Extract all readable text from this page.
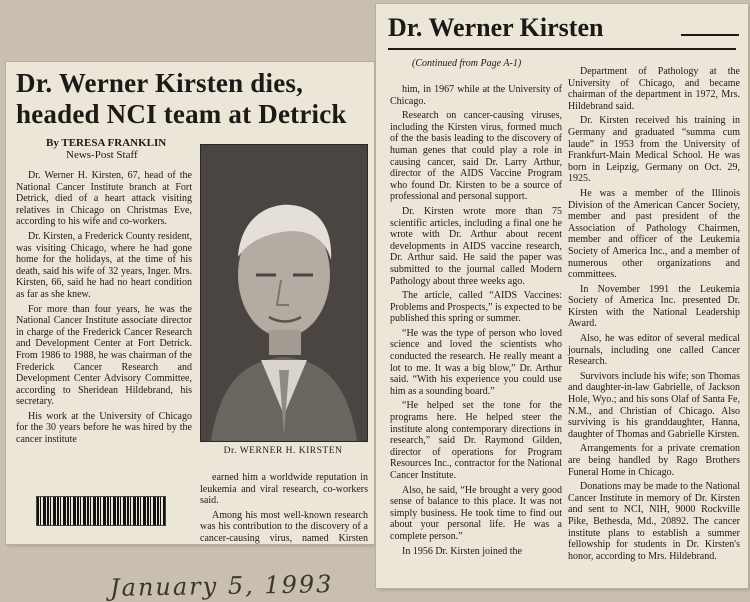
Dr. Werner Kirsten dies, headed NCI team at Detrick
By TERESA FRANKLIN
News-Post Staff

Dr. Werner H. Kirsten, 67, head of the National Cancer Institute branch at Fort Detrick, died of a heart attack visiting relatives in Chicago on Christmas Eve, according to his wife and co-workers.

Dr. Kirsten, a Frederick County resident, was visiting Chicago, where he had gone home for the holidays, at the time of his death, said his wife of 32 years, Inger. Mrs. Kirsten, 66, said he had no heart condition as far as she knew.

For more than four years, he was the National Cancer Institute associate director in charge of the Frederick Cancer Research and Development Center at Fort Detrick. From 1986 to 1988, he was chairman of the Frederick Cancer Research and Development Center Advisory Committee, according to Sheridean Hildebrand, his secretary.

His work at the University of Chicago for the 30 years before he was hired by the cancer institute

Dr. WERNER H. KIRSTEN

earned him a worldwide reputation in leukemia and viral research, co-workers said.

Among his most well-known research was his contribution to the discovery of a cancer-causing virus, named Kirsten

Dr. Werner Kirsten
(Continued from Page A-1)

him, in 1967 while at the University of Chicago.

Research on cancer-causing viruses, including the Kirsten virus, formed much of the the basis leading to the discovery of human genes that could play a role in causing cancer, said Dr. Larry Arthur, director of the AIDS Vaccine Program who found Dr. Kirsten to be a source of professional and personal support.

Dr. Kirsten wrote more than 75 scientific articles, including a final one he wrote with Dr. Arthur about recent developments in AIDS vaccine research, Dr. Arthur said. He said the paper was submitted to the journal called Modern Pathology about three weeks ago.

The article, called “AIDS Vaccines: Problems and Prospects,” is expected to be published this spring or summer.

“He was the type of person who loved science and loved the scientists who conducted the research. He really meant a lot to me. It was a big blow,” Dr. Arthur said. “With his experience you could use him as a sounding board.”

“He helped set the tone for the programs here. He helped steer the institute along contemporary directions in research,” said Dr. Raymond Gilden, director of operations for Program Resources Inc., contractor for the National Cancer Institute.

Also, he said, “He brought a very good sense of balance to this place. It was not simply business. He took time to find out about your personal life. He was a complete person.”

In 1956 Dr. Kirsten joined the

Department of Pathology at the University of Chicago, and became chairman of the department in 1972, Mrs. Hildebrand said.

Dr. Kirsten received his training in Germany and graduated “summa cum laude” in 1953 from the University of Frankfurt-Main Medical School. He was born in Leipzig, Germany on Oct. 29, 1925.

He was a member of the Illinois Division of the American Cancer Society, member and past president of the Association of Pathology Chairmen, member and officer of the Leukemia Society of America Inc., and a member of numerous other organizations and committees.

In November 1991 the Leukemia Society of America Inc. presented Dr. Kirsten with the National Leadership Award.

Also, he was editor of several medical journals, including one called Cancer Research.

Survivors include his wife; son Thomas and daughter-in-law Gabrielle, of Jackson Hole, Wyo.; and his sons Olaf of Santa Fe, N.M., and Christian of Chicago. Also surviving is his granddaughter, Hanna, daughter of Thomas and Gabrielle Kirsten.

Arrangements for a private cremation are being handled by Rago Brothers Funeral Home in Chicago.

Donations may be made to the National Cancer Institute in memory of Dr. Kirsten and sent to NCI, NIH, 9000 Rockville Pike, Bethesda, Md., 20892. The cancer institute plans to establish a summer fellowship for students in Dr. Kirsten's honor, according to Mrs. Hildebrand.

January 5, 1993
